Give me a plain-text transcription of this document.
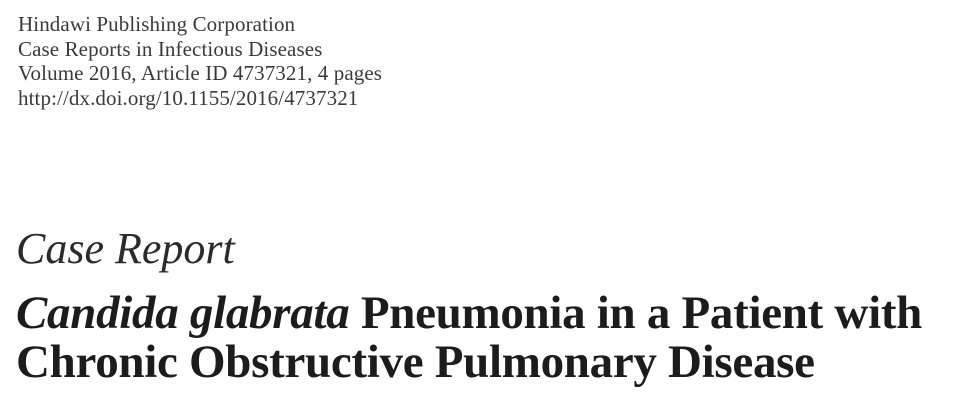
Hindawi Publishing Corporation
Case Reports in Infectious Diseases
Volume 2016, Article ID 4737321, 4 pages
http://dx.doi.org/10.1155/2016/4737321
Case Report
Candida glabrata Pneumonia in a Patient with
Chronic Obstructive Pulmonary Disease
